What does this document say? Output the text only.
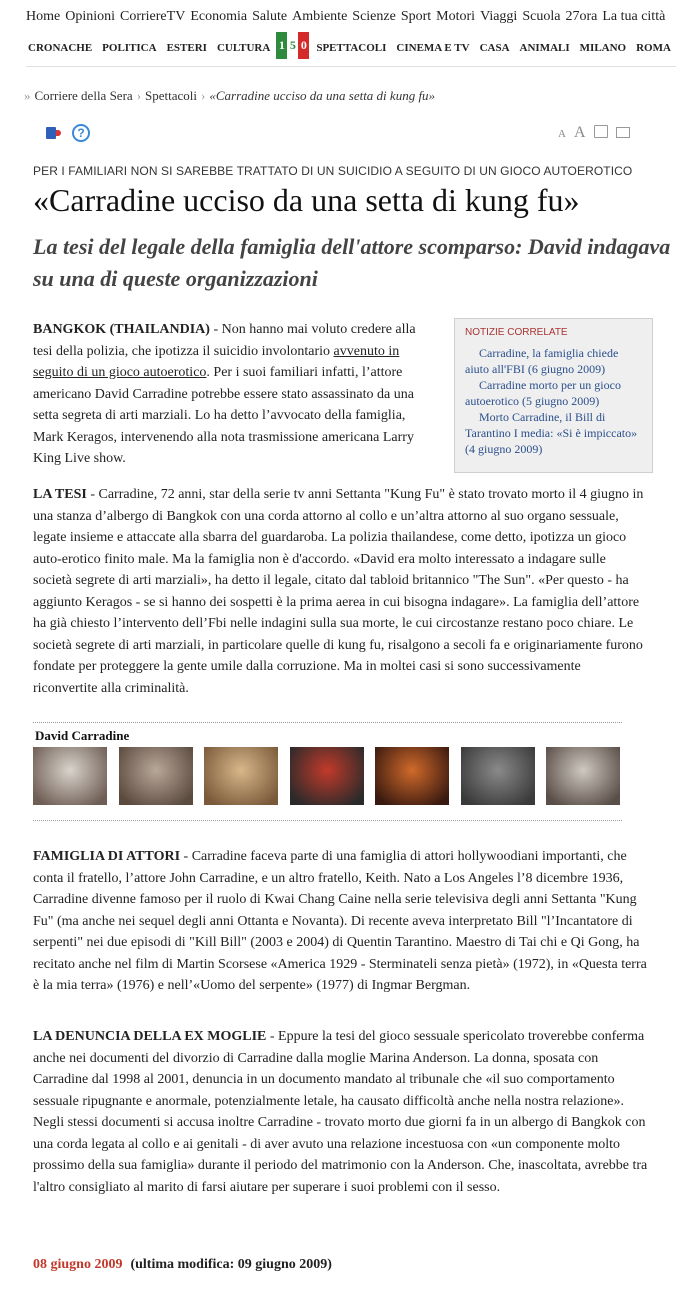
Home Opinioni CorriereTV Economia Salute Ambiente Scienze Sport Motori Viaggi Scuola 27ora La tua città
CRONACHE POLITICA ESTERI CULTURA 1 5 0 SPETTACOLI CINEMA E TV CASA ANIMALI MILANO ROMA
» Corriere della Sera › Spettacoli › «Carradine ucciso da una setta di kung fu»
?	A A
PER I FAMILIARI NON SI SAREBBE TRATTATO DI UN SUICIDIO A SEGUITO DI UN GIOCO AUTOEROTICO
«Carradine ucciso da una setta di kung fu»
La tesi del legale della famiglia dell'attore scomparso: David indagava su una di queste organizzazioni

BANGKOK (THAILANDIA) - Non hanno mai voluto credere alla tesi della polizia, che ipotizza il suicidio involontario avvenuto in seguito di un gioco autoerotico. Per i suoi familiari infatti, l’attore americano David Carradine potrebbe essere stato assassinato da una setta segreta di arti marziali. Lo ha detto l’avvocato della famiglia, Mark Keragos, intervenendo alla nota trasmissione americana Larry King Live show.

NOTIZIE CORRELATE
Carradine, la famiglia chiede aiuto all'FBI (6 giugno 2009)
Carradine morto per un gioco autoerotico (5 giugno 2009)
Morto Carradine, il Bill di Tarantino I media: «Si è impiccato» (4 giugno 2009)

LA TESI - Carradine, 72 anni, star della serie tv anni Settanta "Kung Fu" è stato trovato morto il 4 giugno in una stanza d’albergo di Bangkok con una corda attorno al collo e un’altra attorno al suo organo sessuale, legate insieme e attaccate alla sbarra del guardaroba. La polizia thailandese, come detto, ipotizza un gioco auto-erotico finito male. Ma la famiglia non è d'accordo. «David era molto interessato a indagare sulle società segrete di arti marziali», ha detto il legale, citato dal tabloid britannico "The Sun". «Per questo - ha aggiunto Keragos - se si hanno dei sospetti è la prima aerea in cui bisogna indagare». La famiglia dell’attore ha già chiesto l’intervento dell’Fbi nelle indagini sulla sua morte, le cui circostanze restano poco chiare. Le società segrete di arti marziali, in particolare quelle di kung fu, risalgono a secoli fa e originariamente furono fondate per proteggere la gente umile dalla corruzione. Ma in moltei casi si sono successivamente riconvertite alla criminalità.

David Carradine

FAMIGLIA DI ATTORI - Carradine faceva parte di una famiglia di attori hollywoodiani importanti, che conta il fratello, l’attore John Carradine, e un altro fratello, Keith. Nato a Los Angeles l’8 dicembre 1936, Carradine divenne famoso per il ruolo di Kwai Chang Caine nella serie televisiva degli anni Settanta "Kung Fu" (ma anche nei sequel degli anni Ottanta e Novanta). Di recente aveva interpretato Bill "l’Incantatore di serpenti" nei due episodi di "Kill Bill" (2003 e 2004) di Quentin Tarantino. Maestro di Tai chi e Qi Gong, ha recitato anche nel film di Martin Scorsese «America 1929 - Sterminateli senza pietà» (1972), in «Questa terra è la mia terra» (1976) e nell’«Uomo del serpente» (1977) di Ingmar Bergman.

LA DENUNCIA DELLA EX MOGLIE - Eppure la tesi del gioco sessuale spericolato troverebbe conferma anche nei documenti del divorzio di Carradine dalla moglie Marina Anderson. La donna, sposata con Carradine dal 1998 al 2001, denuncia in un documento mandato al tribunale che «il suo comportamento sessuale ripugnante e anormale, potenzialmente letale, ha causato difficoltà anche nella nostra relazione». Negli stessi documenti si accusa inoltre Carradine - trovato morto due giorni fa in un albergo di Bangkok con una corda legata al collo e ai genitali - di aver avuto una relazione incestuosa con «un componente molto prossimo della sua famiglia» durante il periodo del matrimonio con la Anderson. Che, inascoltata, avrebbe tra l'altro consigliato al marito di farsi aiutare per superare i suoi problemi con il sesso.

08 giugno 2009 (ultima modifica: 09 giugno 2009)
